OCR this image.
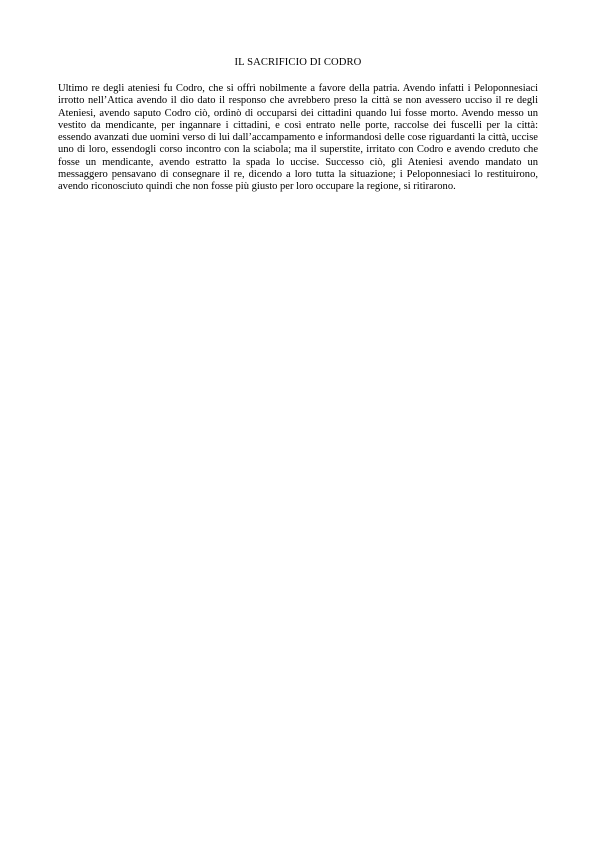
IL SACRIFICIO DI CODRO

Ultimo re degli ateniesi fu Codro, che si offrì nobilmente a favore della patria. Avendo infatti i Peloponnesiaci irrotto nell’Attica avendo il dio dato il responso che avrebbero preso la città se non avessero ucciso il re degli Ateniesi, avendo saputo Codro ciò, ordinò di occuparsi dei cittadini quando lui fosse morto. Avendo messo un vestito da mendicante, per ingannare i cittadini, e così entrato nelle porte, raccolse dei fuscelli per la città: essendo avanzati due uomini verso di lui dall’accampamento e informandosi delle cose riguardanti la città, uccise uno di loro, essendogli corso incontro con la sciabola; ma il superstite, irritato con Codro e avendo creduto che fosse un mendicante, avendo estratto la spada lo uccise. Successo ciò, gli Ateniesi avendo mandato un messaggero pensavano di consegnare il re, dicendo a loro tutta la situazione; i Peloponnesiaci lo restituirono, avendo riconosciuto quindi che non fosse più giusto per loro occupare la regione, si ritirarono.
